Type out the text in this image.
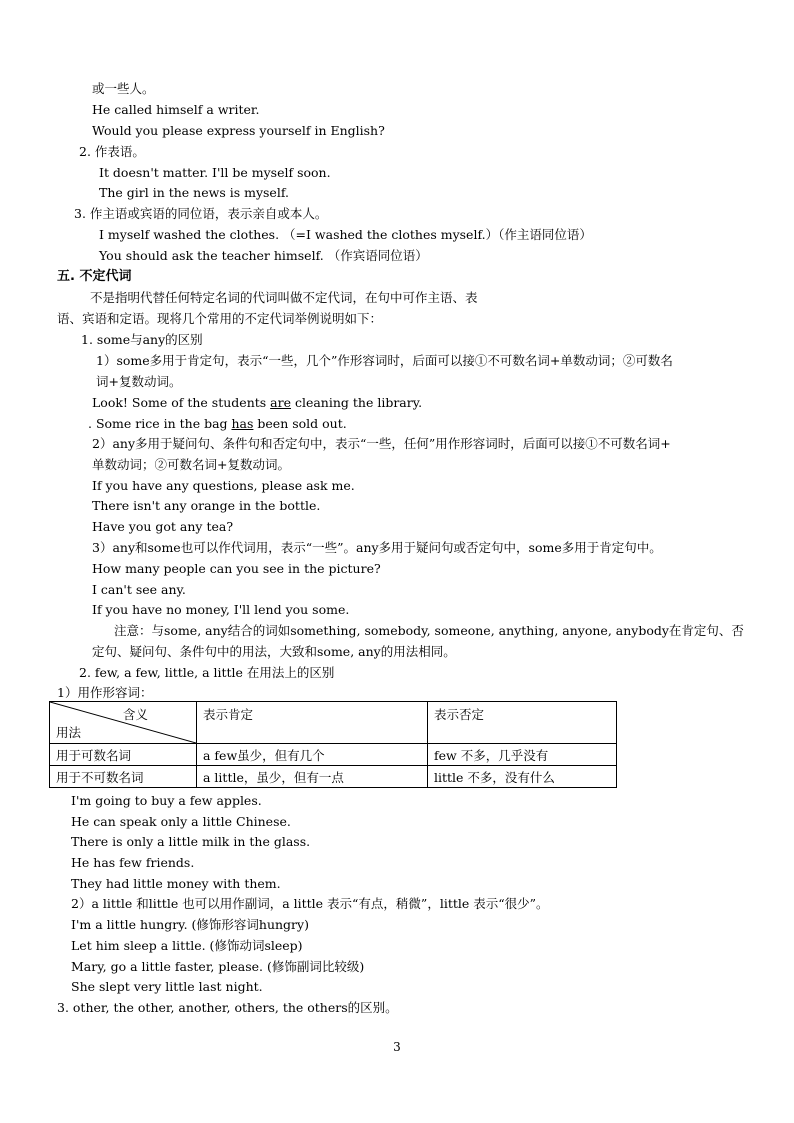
或一些人。
He called himself a writer.
Would you please express yourself in English?
2. 作表语。
It doesn't matter. I'll be myself soon.
The girl in the news is myself.
3. 作主语或宾语的同位语，表示亲自或本人。
I myself washed the clothes. （=I washed the clothes myself.）（作主语同位语）
You should ask the teacher himself. （作宾语同位语）
五. 不定代词
不是指明代替任何特定名词的代词叫做不定代词，在句中可作主语、表
语、宾语和定语。现将几个常用的不定代词举例说明如下：
1. some与any的区别
1）some多用于肯定句，表示“一些，几个”作形容词时，后面可以接①不可数名词+单数动词；②可数名
词+复数动词。
Look! Some of the students are cleaning the library.
. Some rice in the bag has been sold out.
2）any多用于疑问句、条件句和否定句中，表示“一些，任何”用作形容词时，后面可以接①不可数名词+
单数动词；②可数名词+复数动词。
If you have any questions, please ask me.
There isn't any orange in the bottle.
Have you got any tea?
3）any和some也可以作代词用，表示“一些”。any多用于疑问句或否定句中，some多用于肯定句中。
How many people can you see in the picture?
I can't see any.
If you have no money, I'll lend you some.
注意：与some, any结合的词如something, somebody, someone, anything, anyone, anybody在肯定句、否
定句、疑问句、条件句中的用法，大致和some, any的用法相同。
2. few, a few, little, a little 在用法上的区别
1）用作形容词：
含义
用法	表示肯定	表示否定
用于可数名词	a few虽少，但有几个	few 不多，几乎没有
用于不可数名词	a little，虽少，但有一点	little 不多，没有什么
I'm going to buy a few apples.
He can speak only a little Chinese.
There is only a little milk in the glass.
He has few friends.
They had little money with them.
2）a little 和little 也可以用作副词，a little 表示“有点，稍微”，little 表示“很少”。
I'm a little hungry. (修饰形容词hungry)
Let him sleep a little. (修饰动词sleep)
Mary, go a little faster, please. (修饰副词比较级)
She slept very little last night.
3. other, the other, another, others, the others的区别。
3
